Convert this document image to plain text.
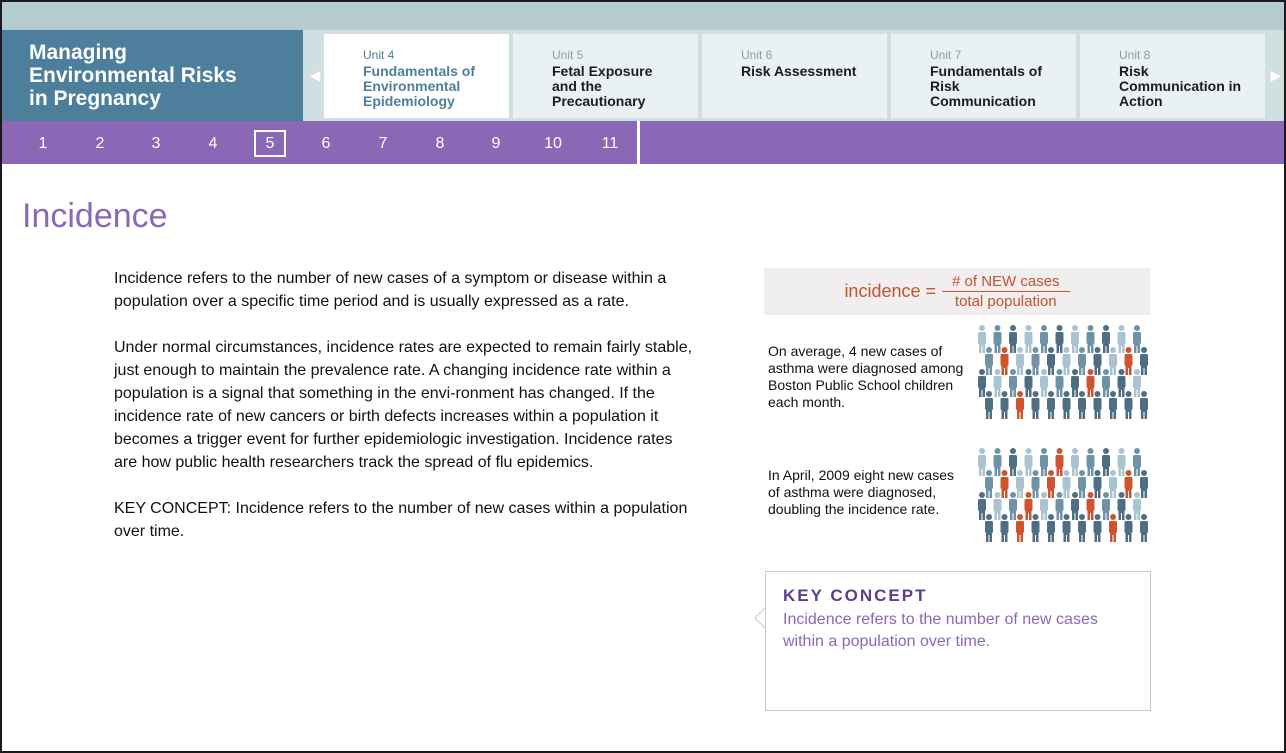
Managing
Environmental Risks
in Pregnancy
◀
Unit 4
Fundamentals of
Environmental
Epidemiology
Unit 5
Fetal Exposure
and the
Precautionary
Unit 6
Risk Assessment
Unit 7
Fundamentals of
Risk
Communication
Unit 8
Risk
Communication in
Action
▶
1	2	3	4	5	6	7	8	9	10	11
Incidence

Incidence refers to the number of new cases of a symptom or disease within a population over a specific time period and is usually expressed as a rate.

Under normal circumstances, incidence rates are expected to remain fairly stable, just enough to maintain the prevalence rate. A changing incidence rate within a population is a signal that something in the envi-ronment has changed. If the incidence rate of new cancers or birth defects increases within a population it becomes a trigger event for further epidemiologic investigation. Incidence rates are how public health researchers track the spread of flu epidemics.

KEY CONCEPT: Incidence refers to the number of new cases within a population over time.

incidence = $\frac{\text{\# of NEW cases}}{\text{total population}}$
On average, 4 new cases of asthma were diagnosed among Boston Public School children each month.
In April, 2009 eight new cases of asthma were diagnosed, doubling the incidence rate.
KEY CONCEPT
Incidence refers to the number of new cases within a population over time.
